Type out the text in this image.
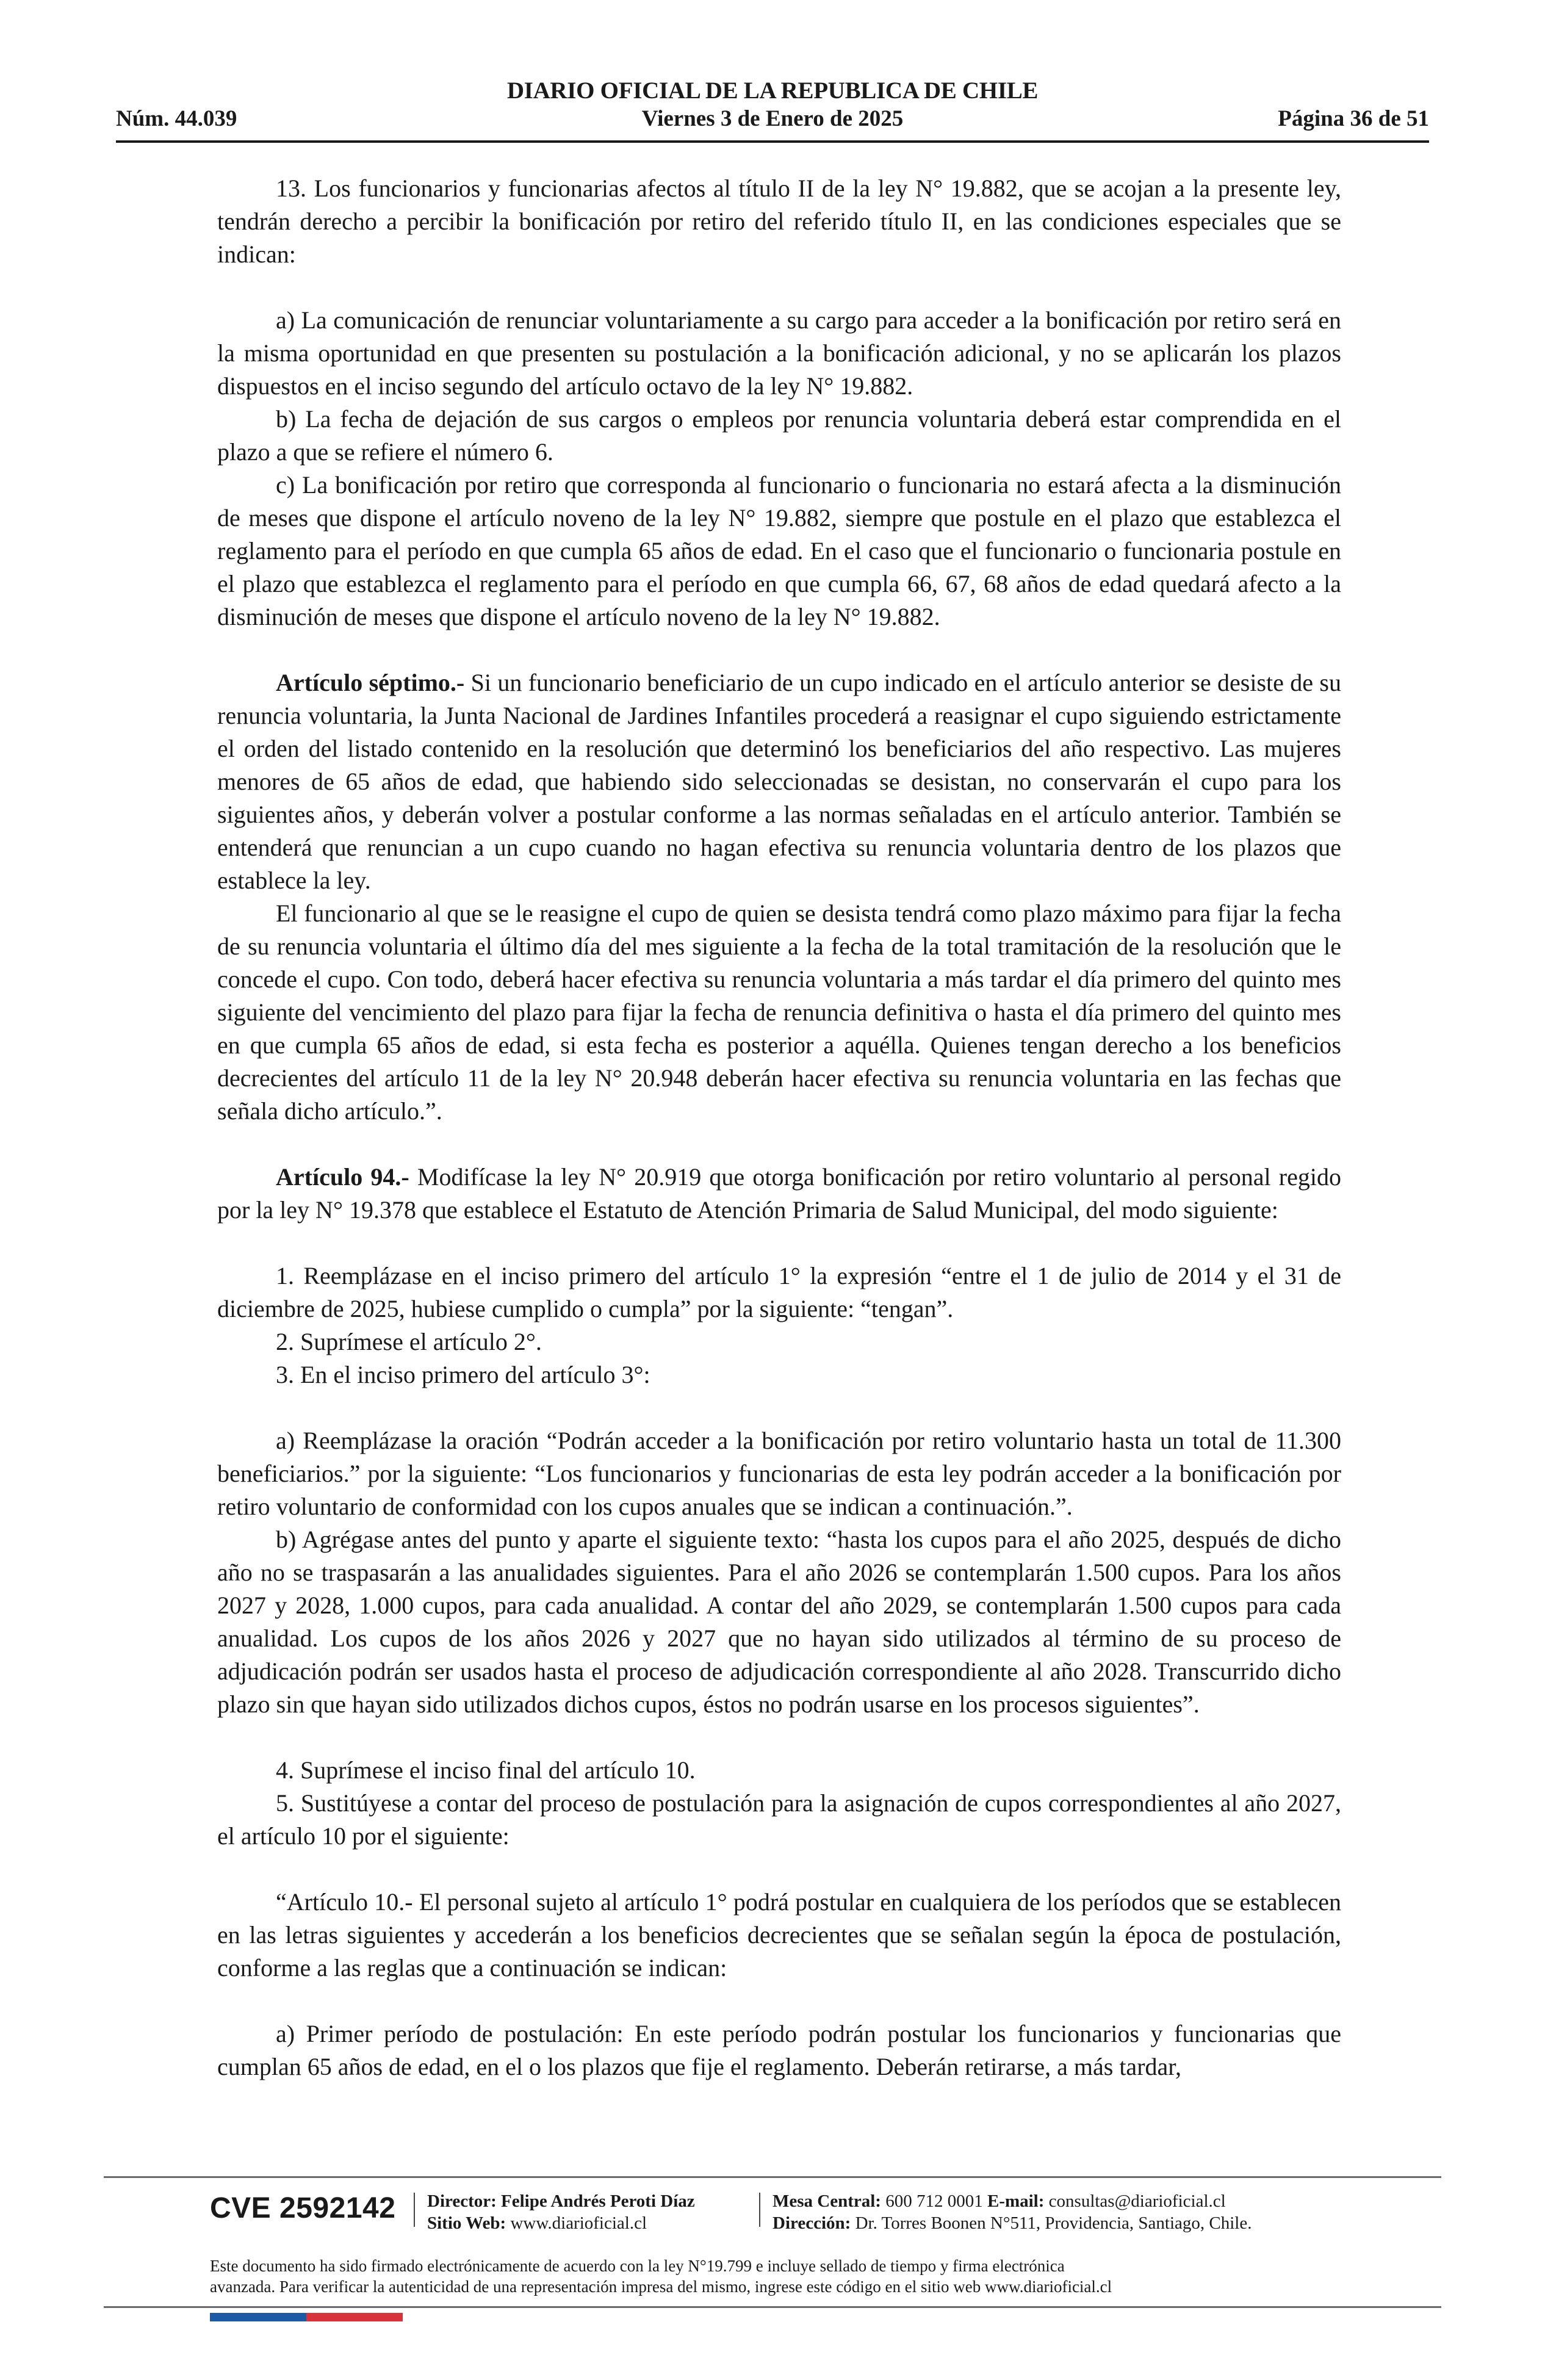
DIARIO OFICIAL DE LA REPUBLICA DE CHILE
Núm. 44.039	Viernes 3 de Enero de 2025	Página 36 de 51

13. Los funcionarios y funcionarias afectos al título II de la ley N° 19.882, que se acojan a la presente ley, tendrán derecho a percibir la bonificación por retiro del referido título II, en las condiciones especiales que se indican:

a) La comunicación de renunciar voluntariamente a su cargo para acceder a la bonificación por retiro será en la misma oportunidad en que presenten su postulación a la bonificación adicional, y no se aplicarán los plazos dispuestos en el inciso segundo del artículo octavo de la ley N° 19.882.

b) La fecha de dejación de sus cargos o empleos por renuncia voluntaria deberá estar comprendida en el plazo a que se refiere el número 6.

c) La bonificación por retiro que corresponda al funcionario o funcionaria no estará afecta a la disminución de meses que dispone el artículo noveno de la ley N° 19.882, siempre que postule en el plazo que establezca el reglamento para el período en que cumpla 65 años de edad. En el caso que el funcionario o funcionaria postule en el plazo que establezca el reglamento para el período en que cumpla 66, 67, 68 años de edad quedará afecto a la disminución de meses que dispone el artículo noveno de la ley N° 19.882.

Artículo séptimo.- Si un funcionario beneficiario de un cupo indicado en el artículo anterior se desiste de su renuncia voluntaria, la Junta Nacional de Jardines Infantiles procederá a reasignar el cupo siguiendo estrictamente el orden del listado contenido en la resolución que determinó los beneficiarios del año respectivo. Las mujeres menores de 65 años de edad, que habiendo sido seleccionadas se desistan, no conservarán el cupo para los siguientes años, y deberán volver a postular conforme a las normas señaladas en el artículo anterior. También se entenderá que renuncian a un cupo cuando no hagan efectiva su renuncia voluntaria dentro de los plazos que establece la ley.

El funcionario al que se le reasigne el cupo de quien se desista tendrá como plazo máximo para fijar la fecha de su renuncia voluntaria el último día del mes siguiente a la fecha de la total tramitación de la resolución que le concede el cupo. Con todo, deberá hacer efectiva su renuncia voluntaria a más tardar el día primero del quinto mes siguiente del vencimiento del plazo para fijar la fecha de renuncia definitiva o hasta el día primero del quinto mes en que cumpla 65 años de edad, si esta fecha es posterior a aquélla. Quienes tengan derecho a los beneficios decrecientes del artículo 11 de la ley N° 20.948 deberán hacer efectiva su renuncia voluntaria en las fechas que señala dicho artículo.”.

Artículo 94.- Modifícase la ley N° 20.919 que otorga bonificación por retiro voluntario al personal regido por la ley N° 19.378 que establece el Estatuto de Atención Primaria de Salud Municipal, del modo siguiente:

1. Reemplázase en el inciso primero del artículo 1° la expresión “entre el 1 de julio de 2014 y el 31 de diciembre de 2025, hubiese cumplido o cumpla” por la siguiente: “tengan”.

2. Suprímese el artículo 2°.

3. En el inciso primero del artículo 3°:

a) Reemplázase la oración “Podrán acceder a la bonificación por retiro voluntario hasta un total de 11.300 beneficiarios.” por la siguiente: “Los funcionarios y funcionarias de esta ley podrán acceder a la bonificación por retiro voluntario de conformidad con los cupos anuales que se indican a continuación.”.

b) Agrégase antes del punto y aparte el siguiente texto: “hasta los cupos para el año 2025, después de dicho año no se traspasarán a las anualidades siguientes. Para el año 2026 se contemplarán 1.500 cupos. Para los años 2027 y 2028, 1.000 cupos, para cada anualidad. A contar del año 2029, se contemplarán 1.500 cupos para cada anualidad. Los cupos de los años 2026 y 2027 que no hayan sido utilizados al término de su proceso de adjudicación podrán ser usados hasta el proceso de adjudicación correspondiente al año 2028. Transcurrido dicho plazo sin que hayan sido utilizados dichos cupos, éstos no podrán usarse en los procesos siguientes”.

4. Suprímese el inciso final del artículo 10.

5. Sustitúyese a contar del proceso de postulación para la asignación de cupos correspondientes al año 2027, el artículo 10 por el siguiente:

“Artículo 10.- El personal sujeto al artículo 1° podrá postular en cualquiera de los períodos que se establecen en las letras siguientes y accederán a los beneficios decrecientes que se señalan según la época de postulación, conforme a las reglas que a continuación se indican:

a) Primer período de postulación: En este período podrán postular los funcionarios y funcionarias que cumplan 65 años de edad, en el o los plazos que fije el reglamento. Deberán retirarse, a más tardar,

CVE 2592142 Director: Felipe Andrés Peroti Díaz
Sitio Web: www.diarioficial.cl
Mesa Central: 600 712 0001 E-mail: consultas@diarioficial.cl
Dirección: Dr. Torres Boonen N°511, Providencia, Santiago, Chile.
Este documento ha sido firmado electrónicamente de acuerdo con la ley N°19.799 e incluye sellado de tiempo y firma electrónica
avanzada. Para verificar la autenticidad de una representación impresa del mismo, ingrese este código en el sitio web www.diarioficial.cl
